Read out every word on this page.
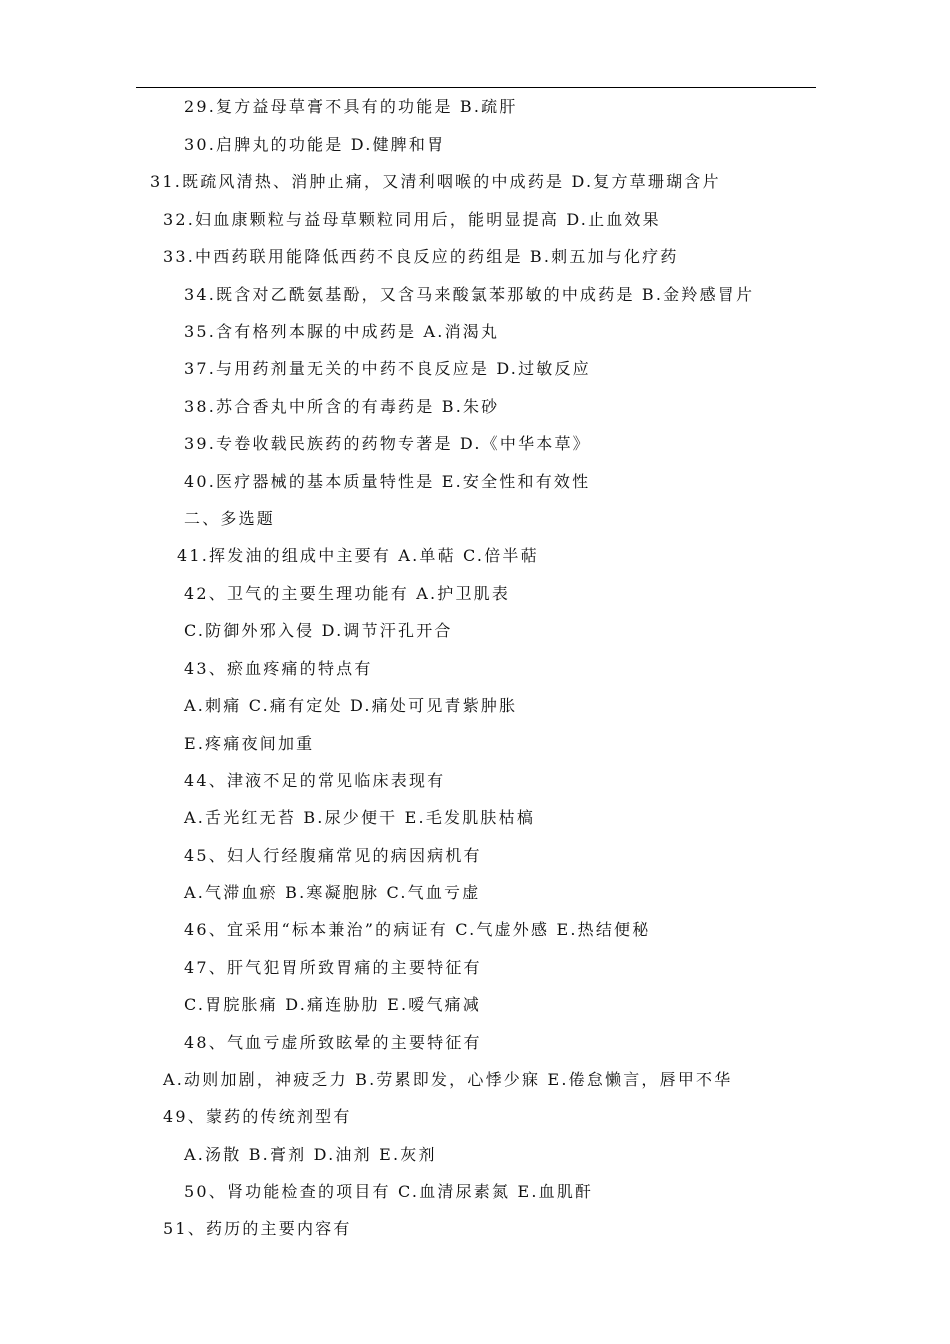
29.复方益母草膏不具有的功能是 B.疏肝
30.启脾丸的功能是 D.健脾和胃
31.既疏风清热、消肿止痛，又清利咽喉的中成药是 D.复方草珊瑚含片
32.妇血康颗粒与益母草颗粒同用后，能明显提高 D.止血效果
33.中西药联用能降低西药不良反应的药组是 B.刺五加与化疗药
34.既含对乙酰氨基酚，又含马来酸氯苯那敏的中成药是 B.金羚感冒片
35.含有格列本脲的中成药是 A.消渴丸
37.与用药剂量无关的中药不良反应是 D.过敏反应
38.苏合香丸中所含的有毒药是 B.朱砂
39.专卷收载民族药的药物专著是 D.《中华本草》
40.医疗器械的基本质量特性是 E.安全性和有效性
二、多选题
41.挥发油的组成中主要有 A.单萜 C.倍半萜
42、卫气的主要生理功能有 A.护卫肌表
C.防御外邪入侵 D.调节汗孔开合
43、瘀血疼痛的特点有
A.刺痛 C.痛有定处 D.痛处可见青紫肿胀
E.疼痛夜间加重
44、津液不足的常见临床表现有
A.舌光红无苔 B.尿少便干 E.毛发肌肤枯槁
45、妇人行经腹痛常见的病因病机有
A.气滞血瘀 B.寒凝胞脉 C.气血亏虚
46、宜采用“标本兼治”的病证有 C.气虚外感 E.热结便秘
47、肝气犯胃所致胃痛的主要特征有
C.胃脘胀痛 D.痛连胁肋 E.嗳气痛减
48、气血亏虚所致眩晕的主要特征有
A.动则加剧，神疲乏力 B.劳累即发，心悸少寐 E.倦怠懒言，唇甲不华
49、蒙药的传统剂型有
A.汤散 B.膏剂 D.油剂 E.灰剂
50、肾功能检查的项目有 C.血清尿素氮 E.血肌酐
51、药历的主要内容有
